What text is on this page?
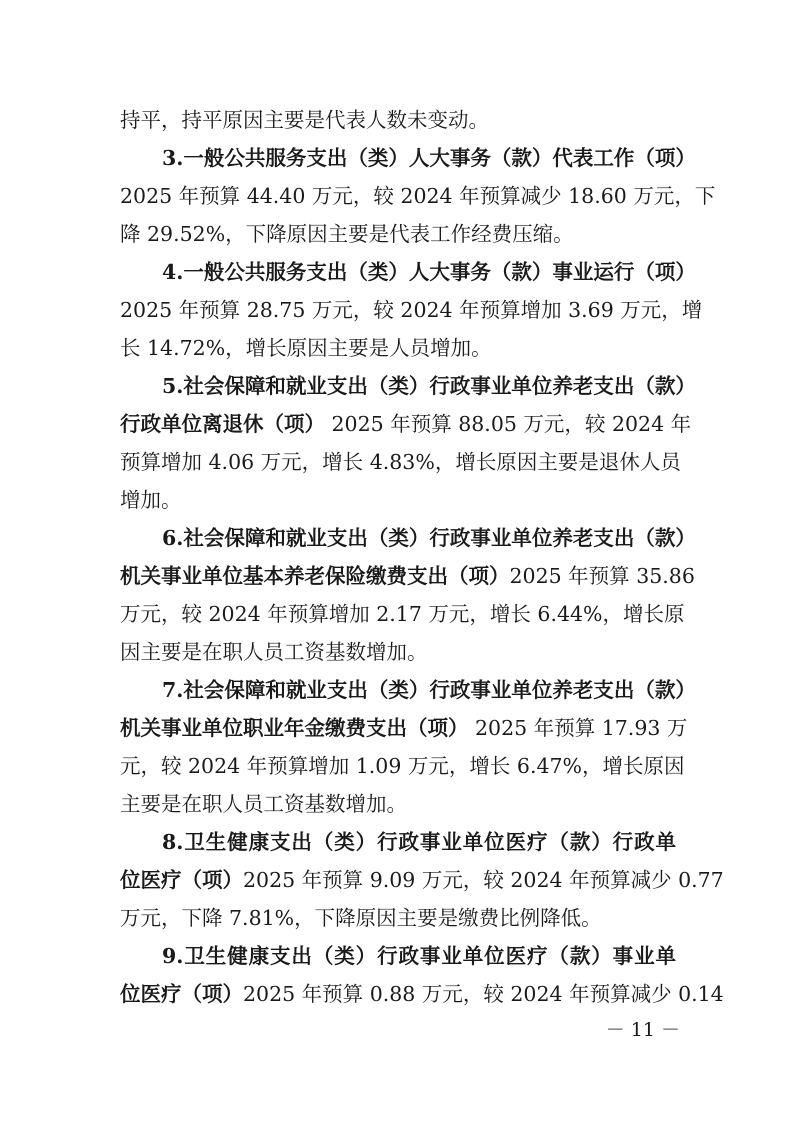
持平，持平原因主要是代表人数未变动。
3.一般公共服务支出（类）人大事务（款）代表工作（项）
2025 年预算 44.40 万元，较 2024 年预算减少 18.60 万元，下
降 29.52%，下降原因主要是代表工作经费压缩。
4.一般公共服务支出（类）人大事务（款）事业运行（项）
2025 年预算 28.75 万元，较 2024 年预算增加 3.69 万元，增
长 14.72%，增长原因主要是人员增加。
5.社会保障和就业支出（类）行政事业单位养老支出（款）
行政单位离退休（项） 2025 年预算 88.05 万元，较 2024 年
预算增加 4.06 万元，增长 4.83%，增长原因主要是退休人员
增加。
6.社会保障和就业支出（类）行政事业单位养老支出（款）
机关事业单位基本养老保险缴费支出（项）2025 年预算 35.86
万元，较 2024 年预算增加 2.17 万元，增长 6.44%，增长原
因主要是在职人员工资基数增加。
7.社会保障和就业支出（类）行政事业单位养老支出（款）
机关事业单位职业年金缴费支出（项） 2025 年预算 17.93 万
元，较 2024 年预算增加 1.09 万元，增长 6.47%，增长原因
主要是在职人员工资基数增加。
8.卫生健康支出（类）行政事业单位医疗（款）行政单
位医疗（项）2025 年预算 9.09 万元，较 2024 年预算减少 0.77
万元，下降 7.81%，下降原因主要是缴费比例降低。
9.卫生健康支出（类）行政事业单位医疗（款）事业单
位医疗（项）2025 年预算 0.88 万元，较 2024 年预算减少 0.14
－ 11 －
